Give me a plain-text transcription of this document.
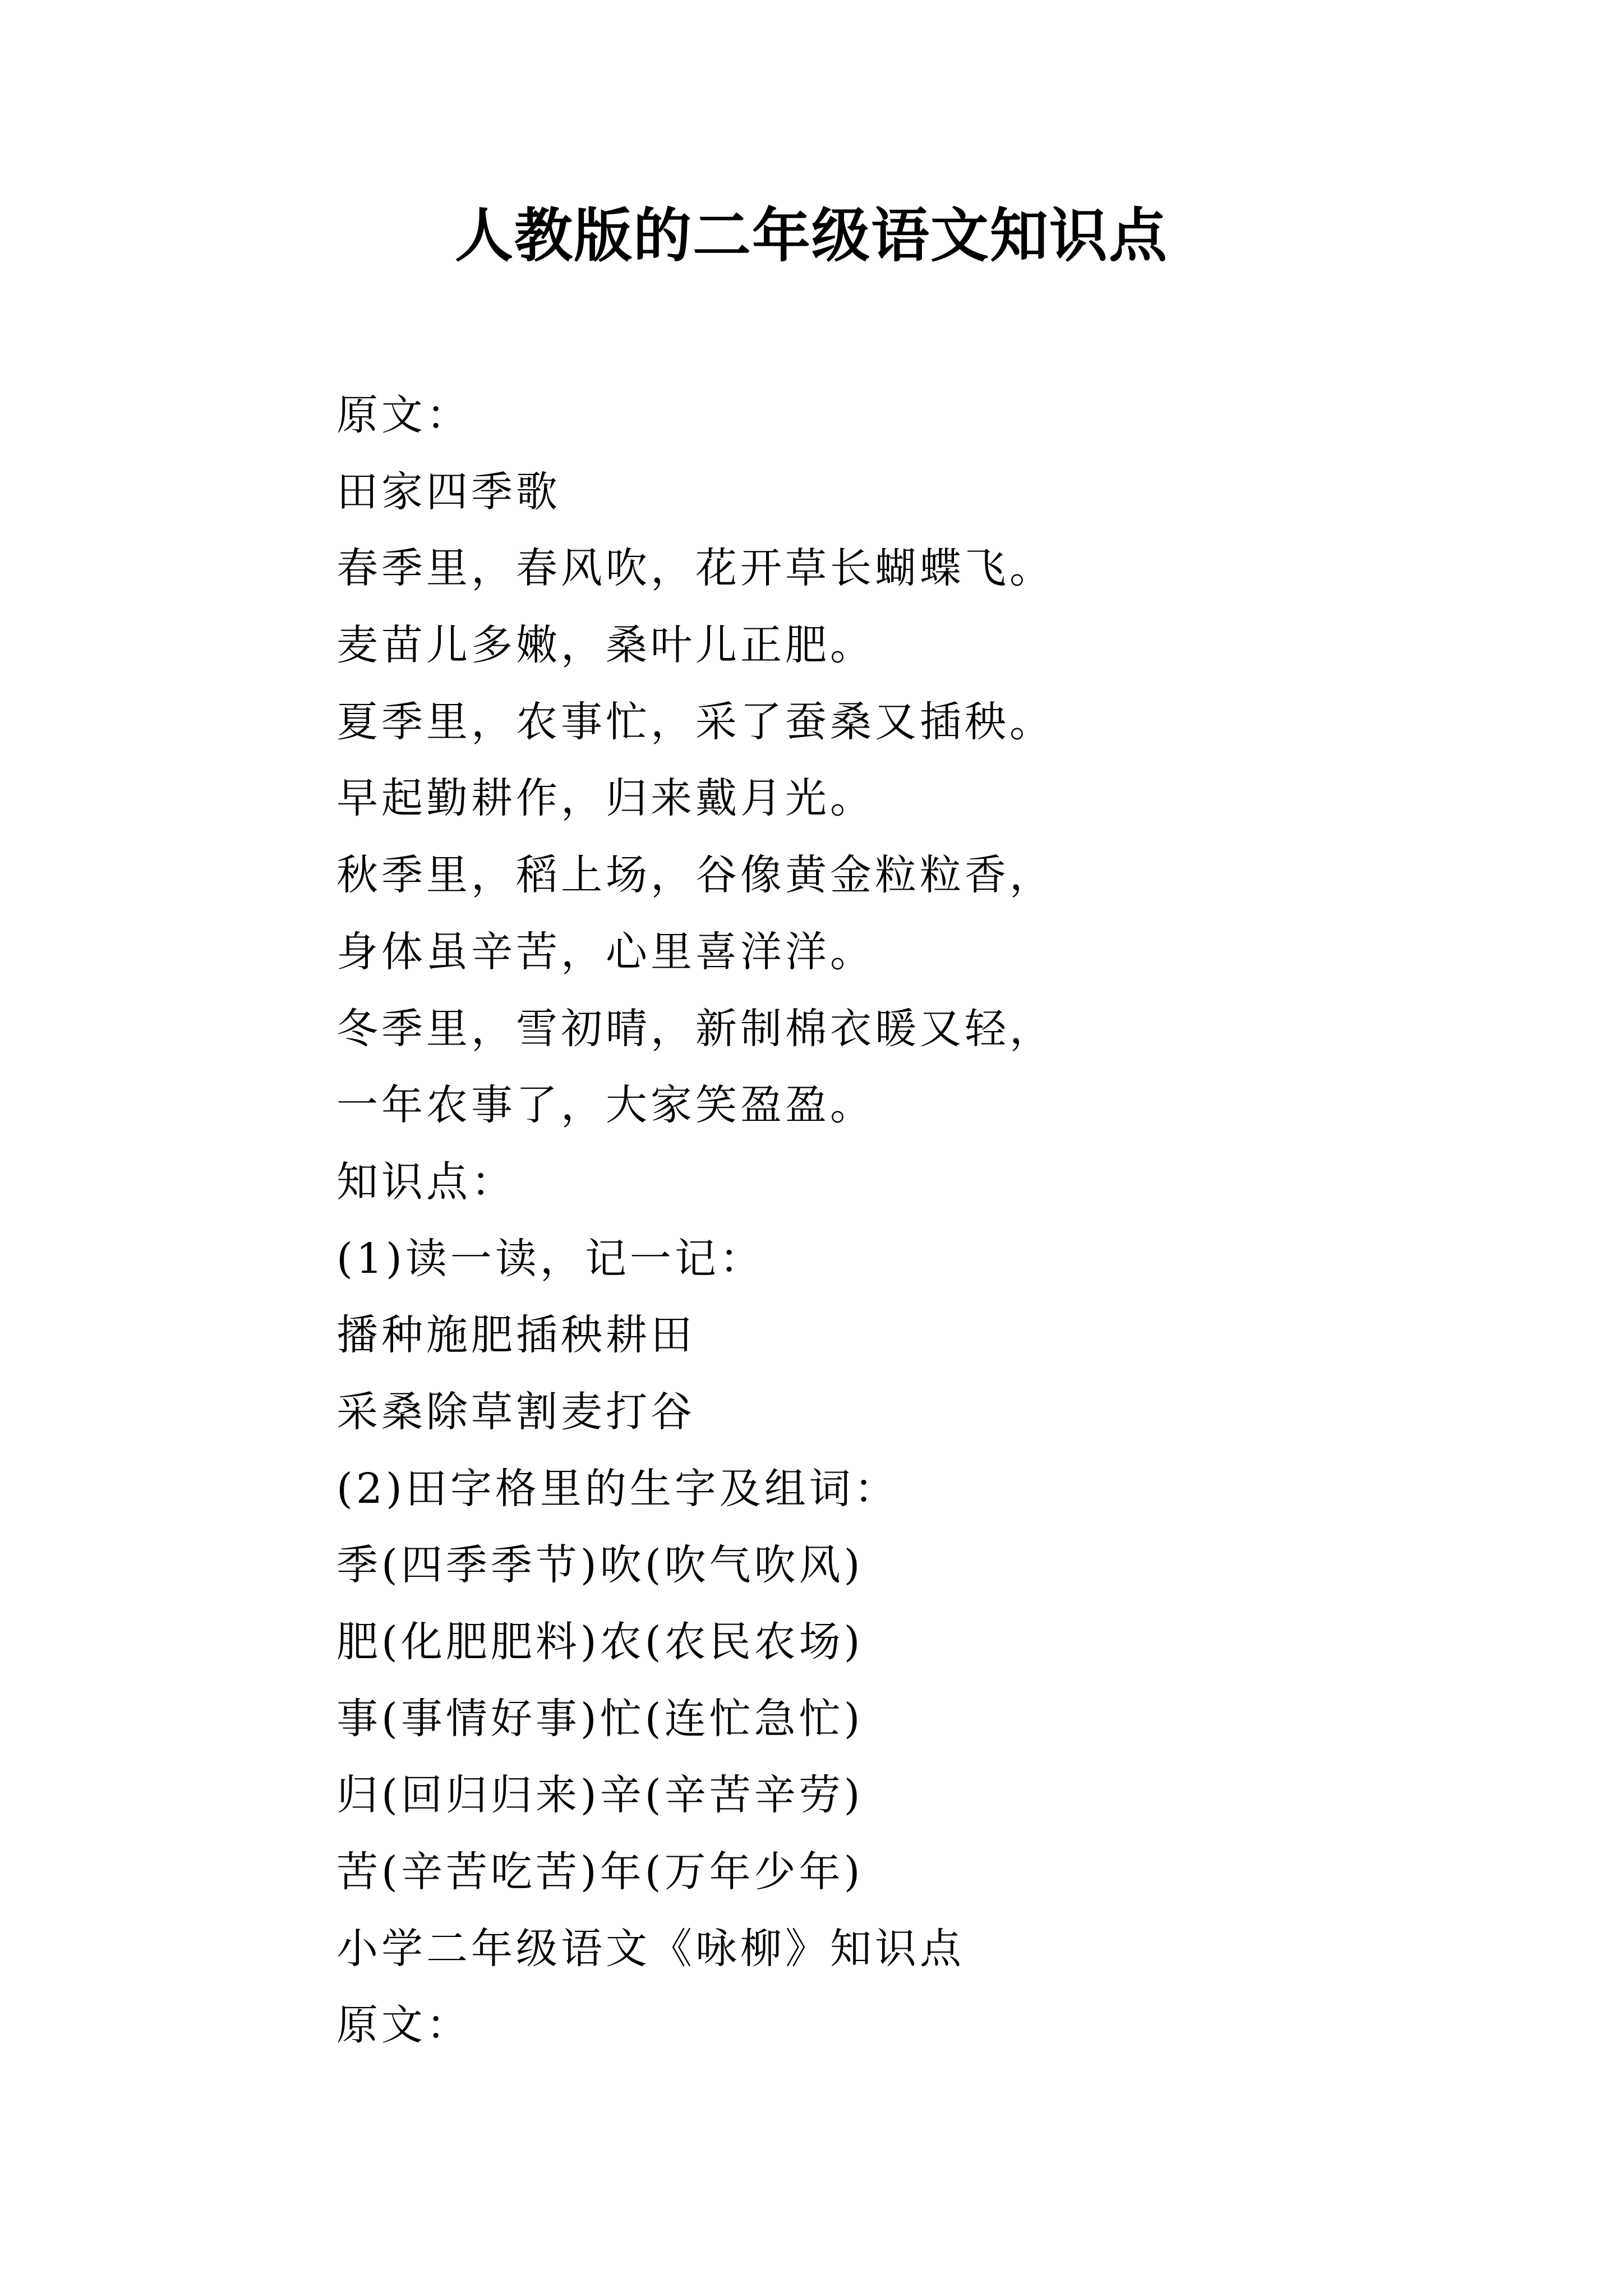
人教版的二年级语文知识点
原文：
田家四季歌
春季里，春风吹，花开草长蝴蝶飞。
麦苗儿多嫩，桑叶儿正肥。
夏季里，农事忙，采了蚕桑又插秧。
早起勤耕作，归来戴月光。
秋季里，稻上场，谷像黄金粒粒香，
身体虽辛苦，心里喜洋洋。
冬季里，雪初晴，新制棉衣暖又轻，
一年农事了，大家笑盈盈。
知识点：
(1)读一读，记一记：
播种施肥插秧耕田
采桑除草割麦打谷
(2)田字格里的生字及组词：
季(四季季节)吹(吹气吹风)
肥(化肥肥料)农(农民农场)
事(事情好事)忙(连忙急忙)
归(回归归来)辛(辛苦辛劳)
苦(辛苦吃苦)年(万年少年)
小学二年级语文《咏柳》知识点
原文：
